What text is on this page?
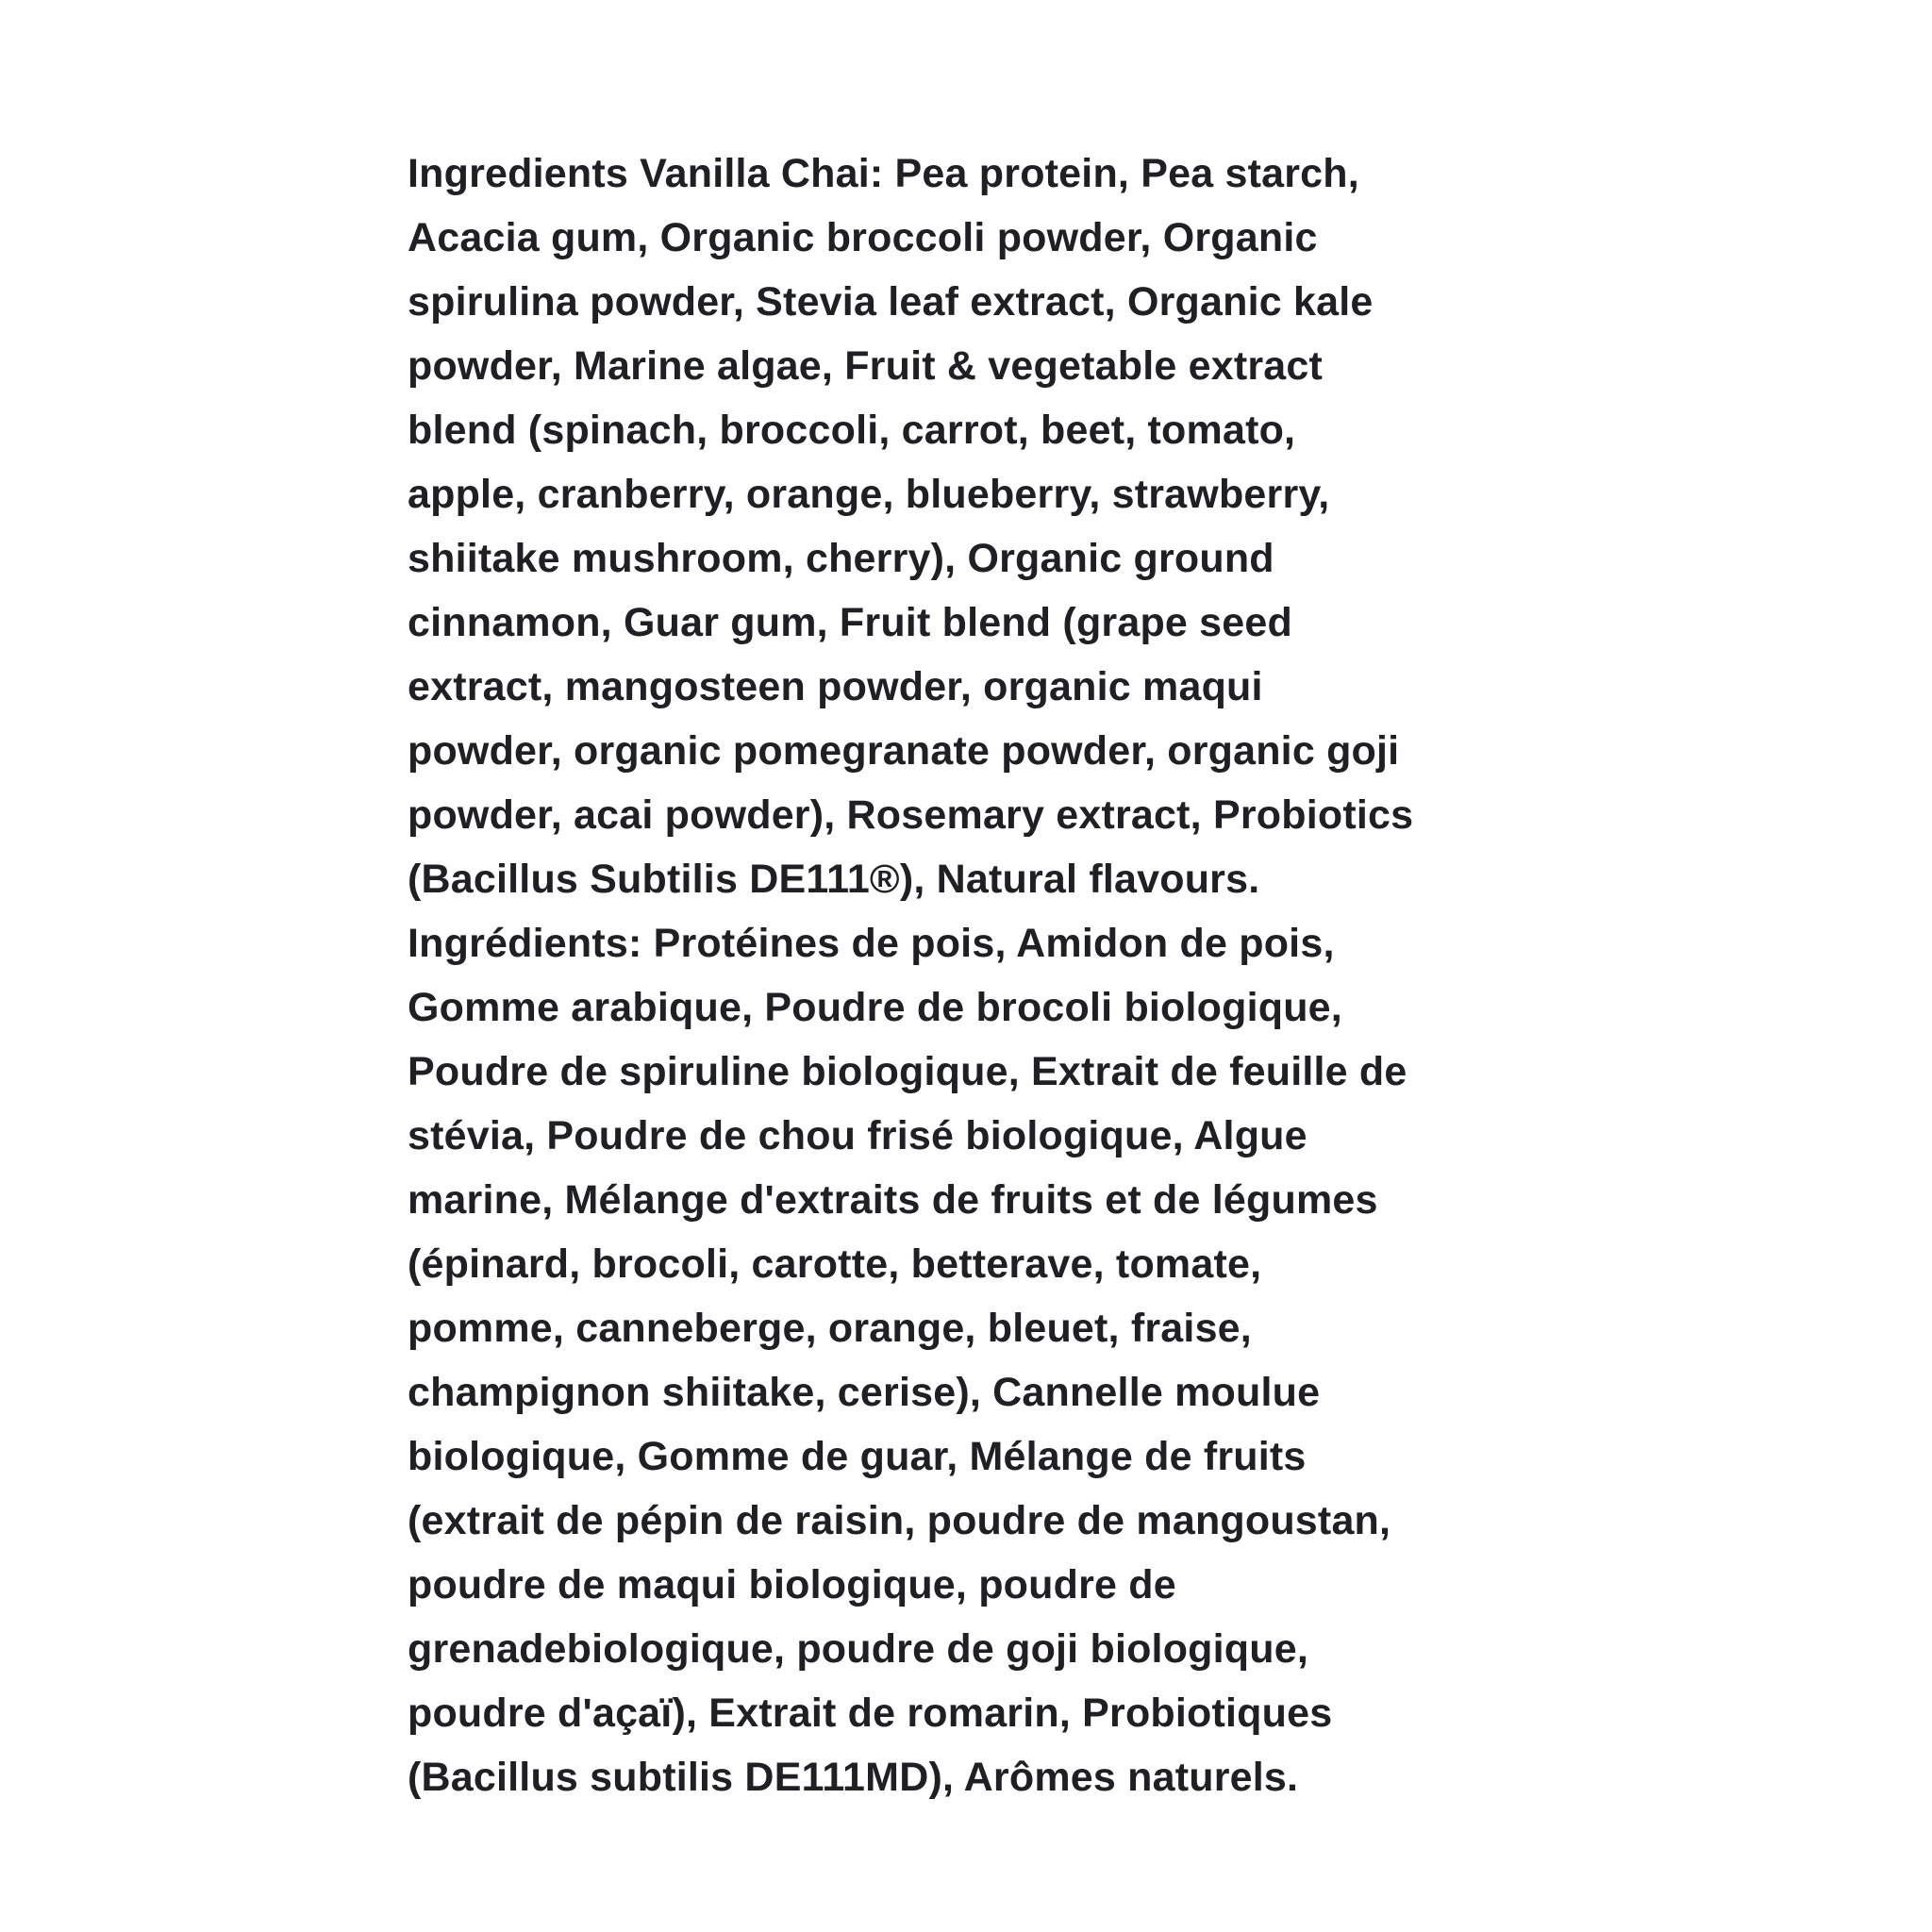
Ingredients Vanilla Chai: Pea protein, Pea starch,
Acacia gum, Organic broccoli powder, Organic
spirulina powder, Stevia leaf extract, Organic kale
powder, Marine algae, Fruit & vegetable extract
blend (spinach, broccoli, carrot, beet, tomato,
apple, cranberry, orange, blueberry, strawberry,
shiitake mushroom, cherry), Organic ground
cinnamon, Guar gum, Fruit blend (grape seed
extract, mangosteen powder, organic maqui
powder, organic pomegranate powder, organic goji
powder, acai powder), Rosemary extract, Probiotics
(Bacillus Subtilis DE111®), Natural flavours.
Ingrédients: Protéines de pois, Amidon de pois,
Gomme arabique, Poudre de brocoli biologique,
Poudre de spiruline biologique, Extrait de feuille de
stévia, Poudre de chou frisé biologique, Algue
marine, Mélange d'extraits de fruits et de légumes
(épinard, brocoli, carotte, betterave, tomate,
pomme, canneberge, orange, bleuet, fraise,
champignon shiitake, cerise), Cannelle moulue
biologique, Gomme de guar, Mélange de fruits
(extrait de pépin de raisin, poudre de mangoustan,
poudre de maqui biologique, poudre de
grenadebiologique, poudre de goji biologique,
poudre d'açaï), Extrait de romarin, Probiotiques
(Bacillus subtilis DE111MD), Arômes naturels.
